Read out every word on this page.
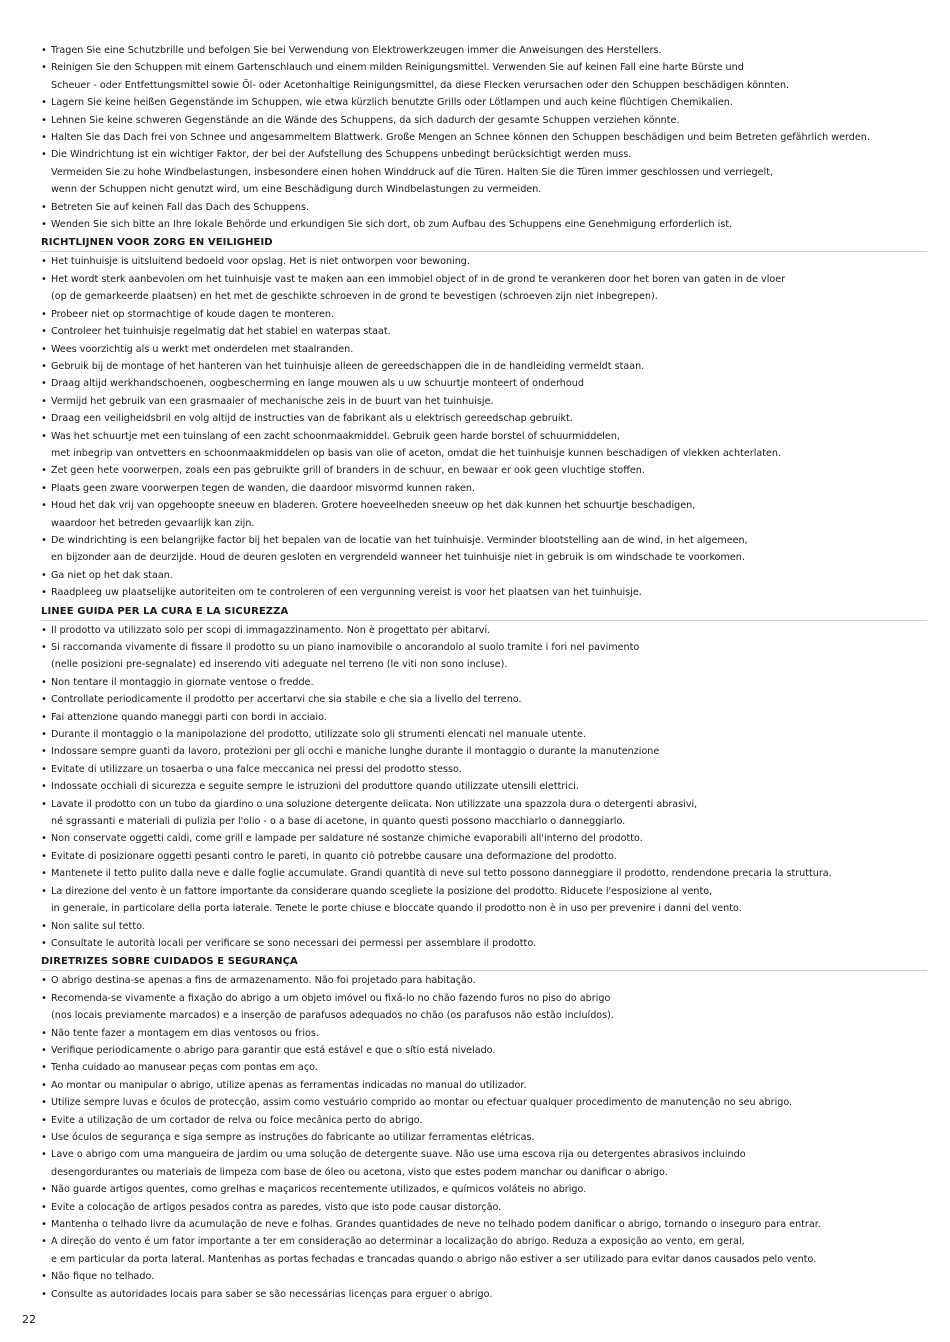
• Tragen Sie eine Schutzbrille und befolgen Sie bei Verwendung von Elektrowerkzeugen immer die Anweisungen des Herstellers.
• Reinigen Sie den Schuppen mit einem Gartenschlauch und einem milden Reinigungsmittel. Verwenden Sie auf keinen Fall eine harte Bürste und
Scheuer - oder Entfettungsmittel sowie Öl- oder Acetonhaltige Reinigungsmittel, da diese Flecken verursachen oder den Schuppen beschädigen könnten.
• Lagern Sie keine heißen Gegenstände im Schuppen, wie etwa kürzlich benutzte Grills oder Lötlampen und auch keine flüchtigen Chemikalien.
• Lehnen Sie keine schweren Gegenstände an die Wände des Schuppens, da sich dadurch der gesamte Schuppen verziehen könnte.
• Halten Sie das Dach frei von Schnee und angesammeltem Blattwerk. Große Mengen an Schnee können den Schuppen beschädigen und beim Betreten gefährlich werden.
• Die Windrichtung ist ein wichtiger Faktor, der bei der Aufstellung des Schuppens unbedingt berücksichtigt werden muss.
Vermeiden Sie zu hohe Windbelastungen, insbesondere einen hohen Winddruck auf die Türen. Halten Sie die Türen immer geschlossen und verriegelt,
wenn der Schuppen nicht genutzt wird, um eine Beschädigung durch Windbelastungen zu vermeiden.
• Betreten Sie auf keinen Fall das Dach des Schuppens.
• Wenden Sie sich bitte an Ihre lokale Behörde und erkundigen Sie sich dort, ob zum Aufbau des Schuppens eine Genehmigung erforderlich ist.
RICHTLIJNEN VOOR ZORG EN VEILIGHEID
• Het tuinhuisje is uitsluitend bedoeld voor opslag. Het is niet ontworpen voor bewoning.
• Het wordt sterk aanbevolen om het tuinhuisje vast te maken aan een immobiel object of in de grond te verankeren door het boren van gaten in de vloer
(op de gemarkeerde plaatsen) en het met de geschikte schroeven in de grond te bevestigen (schroeven zijn niet inbegrepen).
• Probeer niet op stormachtige of koude dagen te monteren.
• Controleer het tuinhuisje regelmatig dat het stabiel en waterpas staat.
• Wees voorzichtig als u werkt met onderdelen met staalranden.
• Gebruik bij de montage of het hanteren van het tuinhuisje alleen de gereedschappen die in de handleiding vermeldt staan.
• Draag altijd werkhandschoenen, oogbescherming en lange mouwen als u uw schuurtje monteert of onderhoud
• Vermijd het gebruik van een grasmaaier of mechanische zeis in de buurt van het tuinhuisje.
• Draag een veiligheidsbril en volg altijd de instructies van de fabrikant als u elektrisch gereedschap gebruikt.
• Was het schuurtje met een tuinslang of een zacht schoonmaakmiddel. Gebruik geen harde borstel of schuurmiddelen,
met inbegrip van ontvetters en schoonmaakmiddelen op basis van olie of aceton, omdat die het tuinhuisje kunnen beschadigen of vlekken achterlaten.
• Zet geen hete voorwerpen, zoals een pas gebruikte grill of branders in de schuur, en bewaar er ook geen vluchtige stoffen.
• Plaats geen zware voorwerpen tegen de wanden, die daardoor misvormd kunnen raken.
• Houd het dak vrij van opgehoopte sneeuw en bladeren. Grotere hoeveelheden sneeuw op het dak kunnen het schuurtje beschadigen,
waardoor het betreden gevaarlijk kan zijn.
• De windrichting is een belangrijke factor bij het bepalen van de locatie van het tuinhuisje. Verminder blootstelling aan de wind, in het algemeen,
en bijzonder aan de deurzijde. Houd de deuren gesloten en vergrendeld wanneer het tuinhuisje niet in gebruik is om windschade te voorkomen.
• Ga niet op het dak staan.
• Raadpleeg uw plaatselijke autoriteiten om te controleren of een vergunning vereist is voor het plaatsen van het tuinhuisje.
LINEE GUIDA PER LA CURA E LA SICUREZZA
• Il prodotto va utilizzato solo per scopi di immagazzinamento. Non è progettato per abitarvi.
• Si raccomanda vivamente di fissare il prodotto su un piano inamovibile o ancorandolo al suolo tramite i fori nel pavimento
(nelle posizioni pre-segnalate) ed inserendo viti adeguate nel terreno (le viti non sono incluse).
• Non tentare il montaggio in giornate ventose o fredde.
• Controllate periodicamente il prodotto per accertarvi che sia stabile e che sia a livello del terreno.
• Fai attenzione quando maneggi parti con bordi in acciaio.
• Durante il montaggio o la manipolazione del prodotto, utilizzate solo gli strumenti elencati nel manuale utente.
• Indossare sempre guanti da lavoro, protezioni per gli occhi e maniche lunghe durante il montaggio o durante la manutenzione
• Evitate di utilizzare un tosaerba o una falce meccanica nei pressi del prodotto stesso.
• Indossate occhiali di sicurezza e seguite sempre le istruzioni del produttore quando utilizzate utensili elettrici.
• Lavate il prodotto con un tubo da giardino o una soluzione detergente delicata. Non utilizzate una spazzola dura o detergenti abrasivi,
né sgrassanti e materiali di pulizia per l'olio - o a base di acetone, in quanto questi possono macchiarlo o danneggiarlo.
• Non conservate oggetti caldi, come grill e lampade per saldature né sostanze chimiche evaporabili all'interno del prodotto.
• Evitate di posizionare oggetti pesanti contro le pareti, in quanto ciò potrebbe causare una deformazione del prodotto.
• Mantenete il tetto pulito dalla neve e dalle foglie accumulate. Grandi quantità di neve sul tetto possono danneggiare il prodotto, rendendone precaria la struttura.
• La direzione del vento è un fattore importante da considerare quando scegliete la posizione del prodotto. Riducete l'esposizione al vento,
in generale, in particolare della porta laterale. Tenete le porte chiuse e bloccate quando il prodotto non è in uso per prevenire i danni del vento.
• Non salite sul tetto.
• Consultate le autorità locali per verificare se sono necessari dei permessi per assemblare il prodotto.
DIRETRIZES SOBRE CUIDADOS E SEGURANÇA
• O abrigo destina-se apenas a fins de armazenamento. Não foi projetado para habitação.
• Recomenda-se vivamente a fixação do abrigo a um objeto imóvel ou fixá-lo no chão fazendo furos no piso do abrigo
(nos locais previamente marcados) e a inserção de parafusos adequados no chão (os parafusos não estão incluídos).
• Não tente fazer a montagem em dias ventosos ou frios.
• Verifique periodicamente o abrigo para garantir que está estável e que o sítio está nivelado.
• Tenha cuidado ao manusear peças com pontas em aço.
• Ao montar ou manipular o abrigo, utilize apenas as ferramentas indicadas no manual do utilizador.
• Utilize sempre luvas e óculos de protecção, assim como vestuário comprido ao montar ou efectuar qualquer procedimento de manutenção no seu abrigo.
• Evite a utilização de um cortador de relva ou foice mecânica perto do abrigo.
• Use óculos de segurança e siga sempre as instruções do fabricante ao utilizar ferramentas elétricas.
• Lave o abrigo com uma mangueira de jardim ou uma solução de detergente suave. Não use uma escova rija ou detergentes abrasivos incluindo
desengordurantes ou materiais de limpeza com base de óleo ou acetona, visto que estes podem manchar ou danificar o abrigo.
• Não guarde artigos quentes, como grelhas e maçaricos recentemente utilizados, e químicos voláteis no abrigo.
• Evite a colocação de artigos pesados contra as paredes, visto que isto pode causar distorção.
• Mantenha o telhado livre da acumulação de neve e folhas. Grandes quantidades de neve no telhado podem danificar o abrigo, tornando o inseguro para entrar.
• A direção do vento é um fator importante a ter em consideração ao determinar a localização do abrigo. Reduza a exposição ao vento, em geral,
e em particular da porta lateral. Mantenhas as portas fechadas e trancadas quando o abrigo não estiver a ser utilizado para evitar danos causados pelo vento.
• Não fique no telhado.
• Consulte as autoridades locais para saber se são necessárias licenças para erguer o abrigo.
22
